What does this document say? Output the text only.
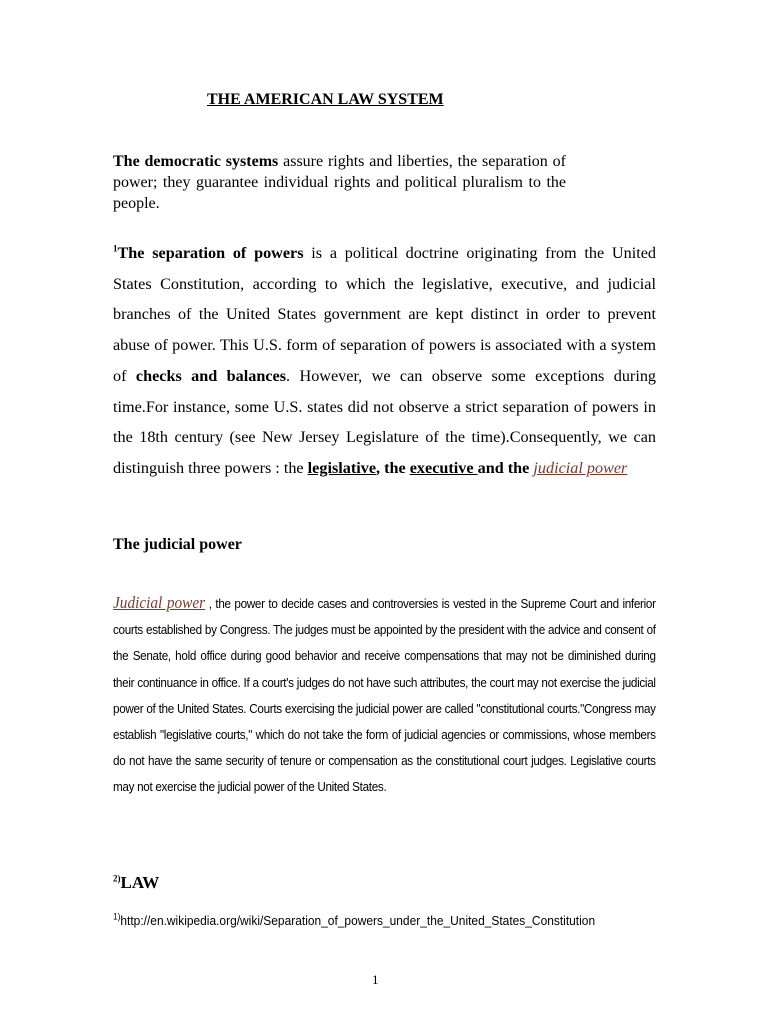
THE AMERICAN LAW SYSTEM

The democratic systems assure rights and liberties, the separation of power; they guarantee individual rights and political pluralism to the people.

$^1$The separation of powers is a political doctrine originating from the United States Constitution, according to which the legislative, executive, and judicial branches of the United States government are kept distinct in order to prevent abuse of power. This U.S. form of separation of powers is associated with a system of checks and balances. However, we can observe some exceptions during time.For instance, some U.S. states did not observe a strict separation of powers in the 18th century (see New Jersey Legislature of the time).Consequently, we can distinguish three powers : the legislative, the executive and the judicial power

The judicial power

Judicial power , the power to decide cases and controversies is vested in the Supreme Court and inferior courts established by Congress. The judges must be appointed by the president with the advice and consent of the Senate, hold office during good behavior and receive compensations that may not be diminished during their continuance in office. If a court's judges do not have such attributes, the court may not exercise the judicial power of the United States. Courts exercising the judicial power are called "constitutional courts."Congress may establish "legislative courts," which do not take the form of judicial agencies or commissions, whose members do not have the same security of tenure or compensation as the constitutional court judges. Legislative courts may not exercise the judicial power of the United States.

$^{2)}$LAW
$^{1)}$http://en.wikipedia.org/wiki/Separation_of_powers_under_the_United_States_Constitution
1
